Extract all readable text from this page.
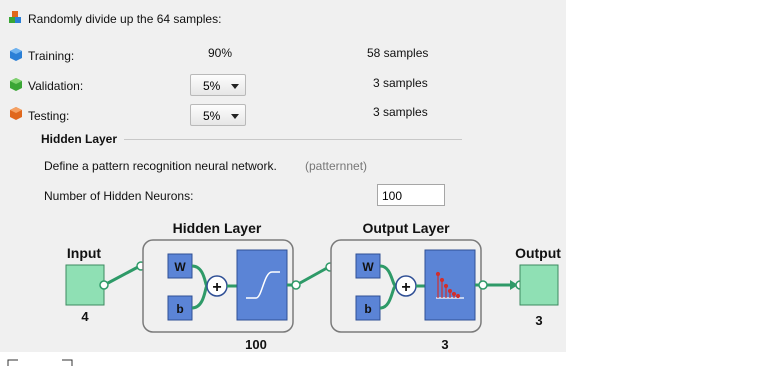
Randomly divide up the 64 samples:
Training:	90%	58 samples
Validation:	5%	3 samples
Testing:	5%	3 samples
Hidden Layer
Define a pattern recognition neural network. (patternnet)
Number of Hidden Neurons:	100
Input
4
Hidden Layer
W
b
+
100
Output Layer
W
b
+
3
Output
3
